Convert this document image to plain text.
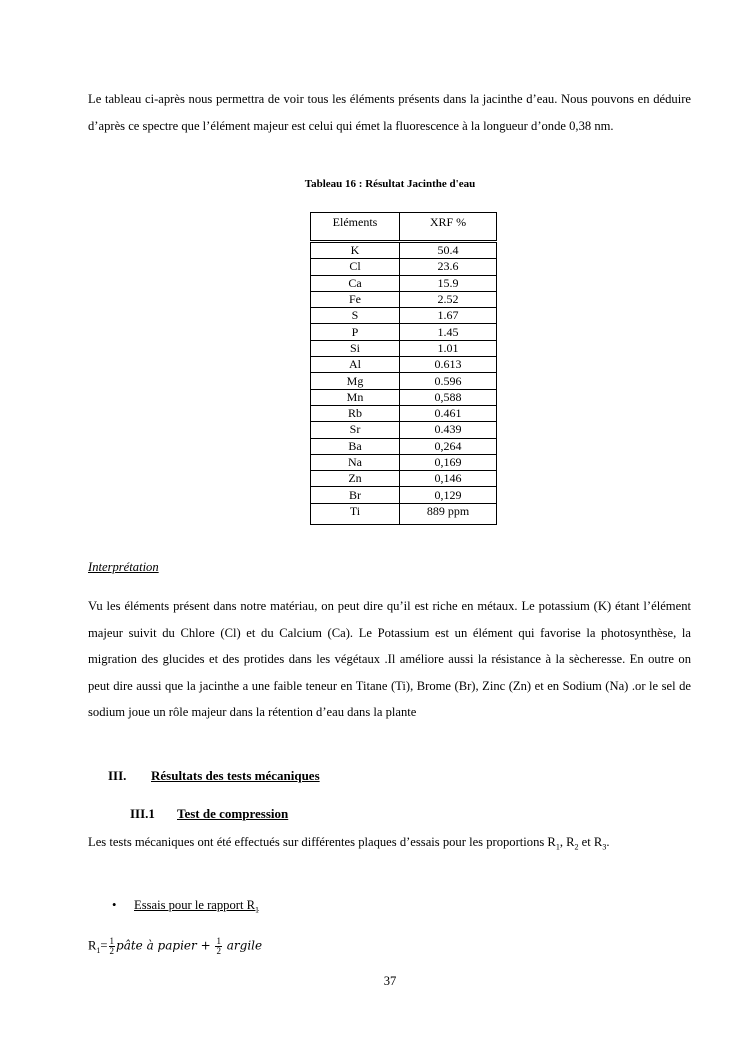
Le tableau ci-après nous permettra de voir tous les éléments présents dans la jacinthe d’eau. Nous pouvons en déduire d’après ce spectre que l’élément majeur est celui qui émet la fluorescence à la longueur d’onde 0,38 nm.

Tableau 16 : Résultat Jacinthe d'eau
Eléments	XRF %
K	50.4
Cl	23.6
Ca	15.9
Fe	2.52
S	1.67
P	1.45
Si	1.01
Al	0.613
Mg	0.596
Mn	0,588
Rb	0.461
Sr	0.439
Ba	0,264
Na	0,169
Zn	0,146
Br	0,129
Ti	889 ppm
Interprétation

Vu les éléments présent dans notre matériau, on peut dire qu’il est riche en métaux. Le potassium (K) étant l’élément majeur suivit du Chlore (Cl) et du Calcium (Ca). Le Potassium est un élément qui favorise la photosynthèse, la migration des glucides et des protides dans les végétaux .Il améliore aussi la résistance à la sècheresse. En outre on peut dire aussi que la jacinthe a une faible teneur en Titane (Ti), Brome (Br), Zinc (Zn) et en Sodium (Na) .or le sel de sodium joue un rôle majeur dans la rétention d’eau dans la plante

III. Résultats des tests mécaniques
III.1 Test de compression

Les tests mécaniques ont été effectués sur différentes plaques d’essais pour les proportions $R_1$, $R_2$ et $R_3$.

• Essais pour le rapport $R_1$
$R_1= \frac{1}{2}$ pâte à papier + $\frac{1}{2}$ argile
37
